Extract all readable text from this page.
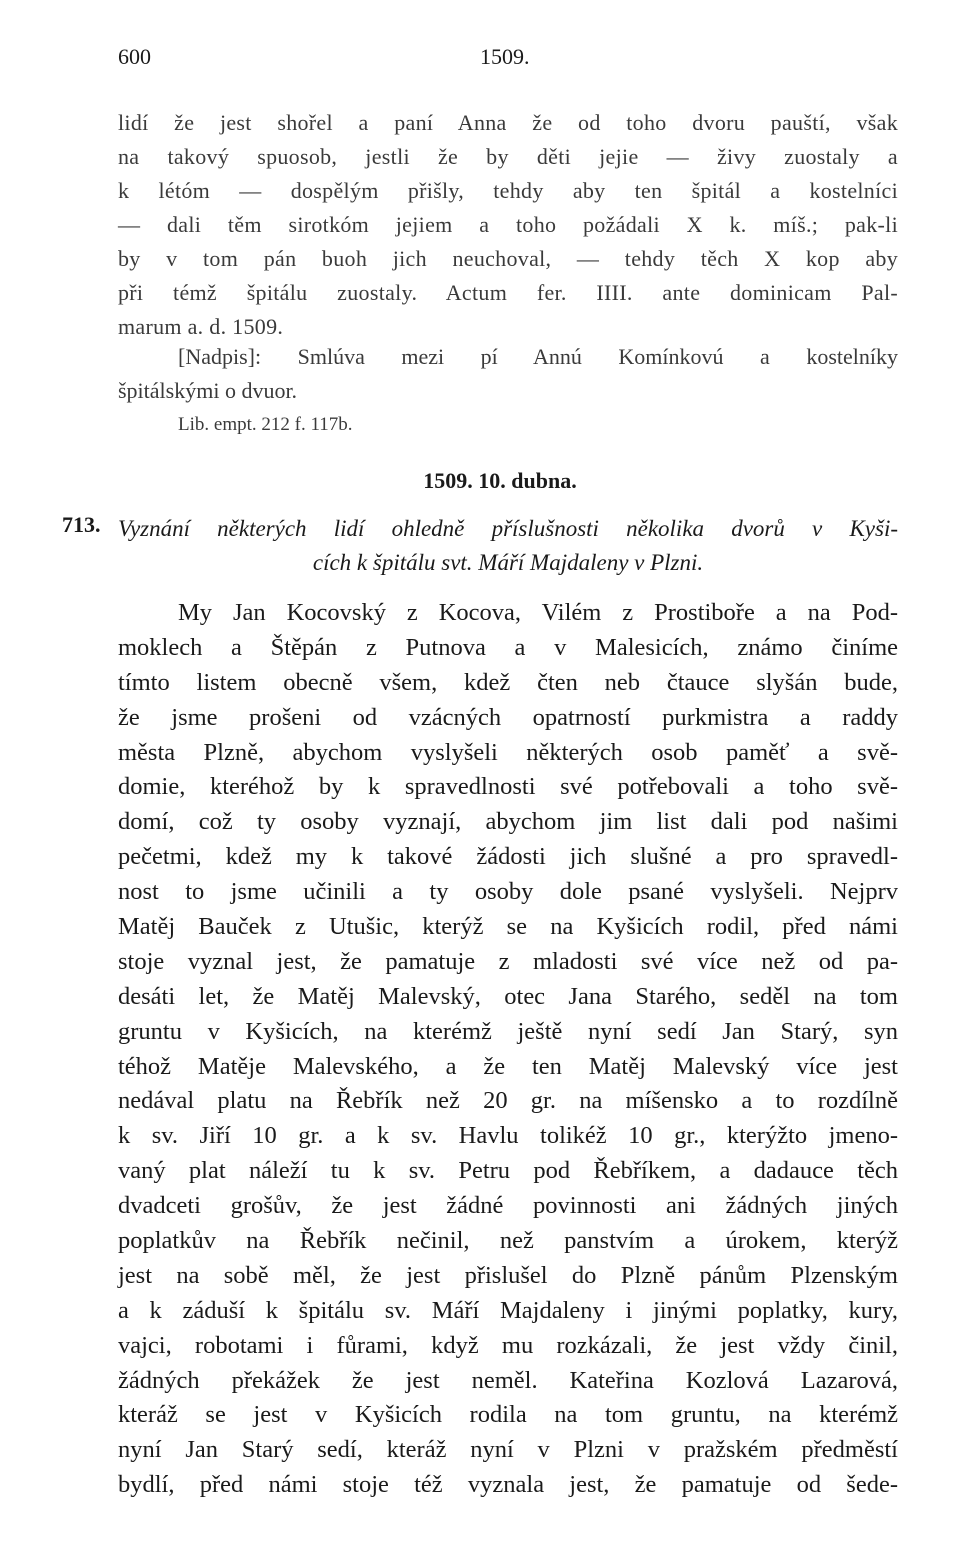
600	1509.
lidí že jest shořel a paní Anna že od toho dvoru pauští, však
na takový spuosob, jestli že by děti jejie — živy zuostaly a
k létóm — dospělým přišly, tehdy aby ten špitál a kostelníci
— dali těm sirotkóm jejiem a toho požádali X k. míš.; pak-li
by v tom pán buoh jich neuchoval, — tehdy těch X kop aby
při témž špitálu zuostaly. Actum fer. IIII. ante dominicam Pal-
marum a. d. 1509.
[Nadpis]: Smlúva mezi pí Annú Komínkovú a kostelníky
špitálskými o dvuor.
Lib. empt. 212 f. 117b.
1509. 10. dubna.
713. Vyznání některých lidí ohledně příslušnosti několika dvorů v Kyši-
cích k špitálu svt. Máří Majdaleny v Plzni.
My Jan Kocovský z Kocova, Vilém z Prostiboře a na Pod-
moklech a Štěpán z Putnova a v Malesicích, známo činíme
tímto listem obecně všem, kdež čten neb čtauce slyšán bude,
že jsme prošeni od vzácných opatrností purkmistra a raddy
města Plzně, abychom vyslyšeli některých osob paměť a svě-
domie, kteréhož by k spravedlnosti své potřebovali a toho svě-
domí, což ty osoby vyznají, abychom jim list dali pod našimi
pečetmi, kdež my k takové žádosti jich slušné a pro spravedl-
nost to jsme učinili a ty osoby dole psané vyslyšeli. Nejprv
Matěj Bauček z Utušic, kterýž se na Kyšicích rodil, před námi
stoje vyznal jest, že pamatuje z mladosti své více než od pa-
desáti let, že Matěj Malevský, otec Jana Starého, seděl na tom
gruntu v Kyšicích, na kterémž ještě nyní sedí Jan Starý, syn
téhož Matěje Malevského, a že ten Matěj Malevský více jest
nedával platu na Řebřík než 20 gr. na míšensko a to rozdílně
k sv. Jiří 10 gr. a k sv. Havlu tolikéž 10 gr., kterýžto jmeno-
vaný plat náleží tu k sv. Petru pod Řebříkem, a dadauce těch
dvadceti grošův, že jest žádné povinnosti ani žádných jiných
poplatkův na Řebřík nečinil, než panstvím a úrokem, kterýž
jest na sobě měl, že jest přislušel do Plzně pánům Plzenským
a k záduší k špitálu sv. Máří Majdaleny i jinými poplatky, kury,
vajci, robotami i fůrami, když mu rozkázali, že jest vždy činil,
žádných překážek že jest neměl. Kateřina Kozlová Lazarová,
kteráž se jest v Kyšicích rodila na tom gruntu, na kterémž
nyní Jan Starý sedí, kteráž nyní v Plzni v pražském předměstí
bydlí, před námi stoje též vyznala jest, že pamatuje od šede-
